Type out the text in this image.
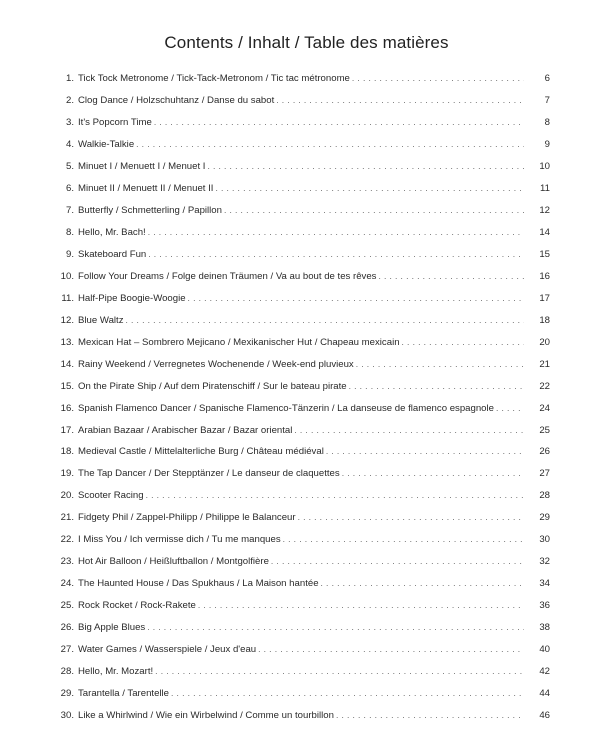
Contents / Inhalt / Table des matières
1. Tick Tock Metronome / Tick-Tack-Metronom / Tic tac métronome . . .	6
2. Clog Dance / Holzschuhtanz / Danse du sabot . . .	7
3. It's Popcorn Time . . .	8
4. Walkie-Talkie . . .	9
5. Minuet I / Menuett I / Menuet I . . .	10
6. Minuet II / Menuett II / Menuet II . . .	11
7. Butterfly / Schmetterling / Papillon . . .	12
8. Hello, Mr. Bach! . . .	14
9. Skateboard Fun . . .	15
10. Follow Your Dreams / Folge deinen Träumen / Va au bout de tes rêves . . .	16
11. Half-Pipe Boogie-Woogie . . .	17
12. Blue Waltz . . .	18
13. Mexican Hat – Sombrero Mejicano / Mexikanischer Hut / Chapeau mexicain . . .	20
14. Rainy Weekend / Verregnetes Wochenende / Week-end pluvieux . . .	21
15. On the Pirate Ship / Auf dem Piratenschiff / Sur le bateau pirate . . .	22
16. Spanish Flamenco Dancer / Spanische Flamenco-Tänzerin / La danseuse de flamenco espagnole . . .	24
17. Arabian Bazaar / Arabischer Bazar / Bazar oriental . . .	25
18. Medieval Castle / Mittelalterliche Burg / Château médiéval . . .	26
19. The Tap Dancer / Der Stepptänzer / Le danseur de claquettes . . .	27
20. Scooter Racing . . .	28
21. Fidgety Phil / Zappel-Philipp / Philippe le Balanceur . . .	29
22. I Miss You / Ich vermisse dich / Tu me manques . . .	30
23. Hot Air Balloon / Heißluftballon / Montgolfière . . .	32
24. The Haunted House / Das Spukhaus / La Maison hantée . . .	34
25. Rock Rocket / Rock-Rakete . . .	36
26. Big Apple Blues . . .	38
27. Water Games / Wasserspiele / Jeux d'eau . . .	40
28. Hello, Mr. Mozart! . . .	42
29. Tarantella / Tarentelle . . .	44
30. Like a Whirlwind / Wie ein Wirbelwind / Comme un tourbillon . . .	46
